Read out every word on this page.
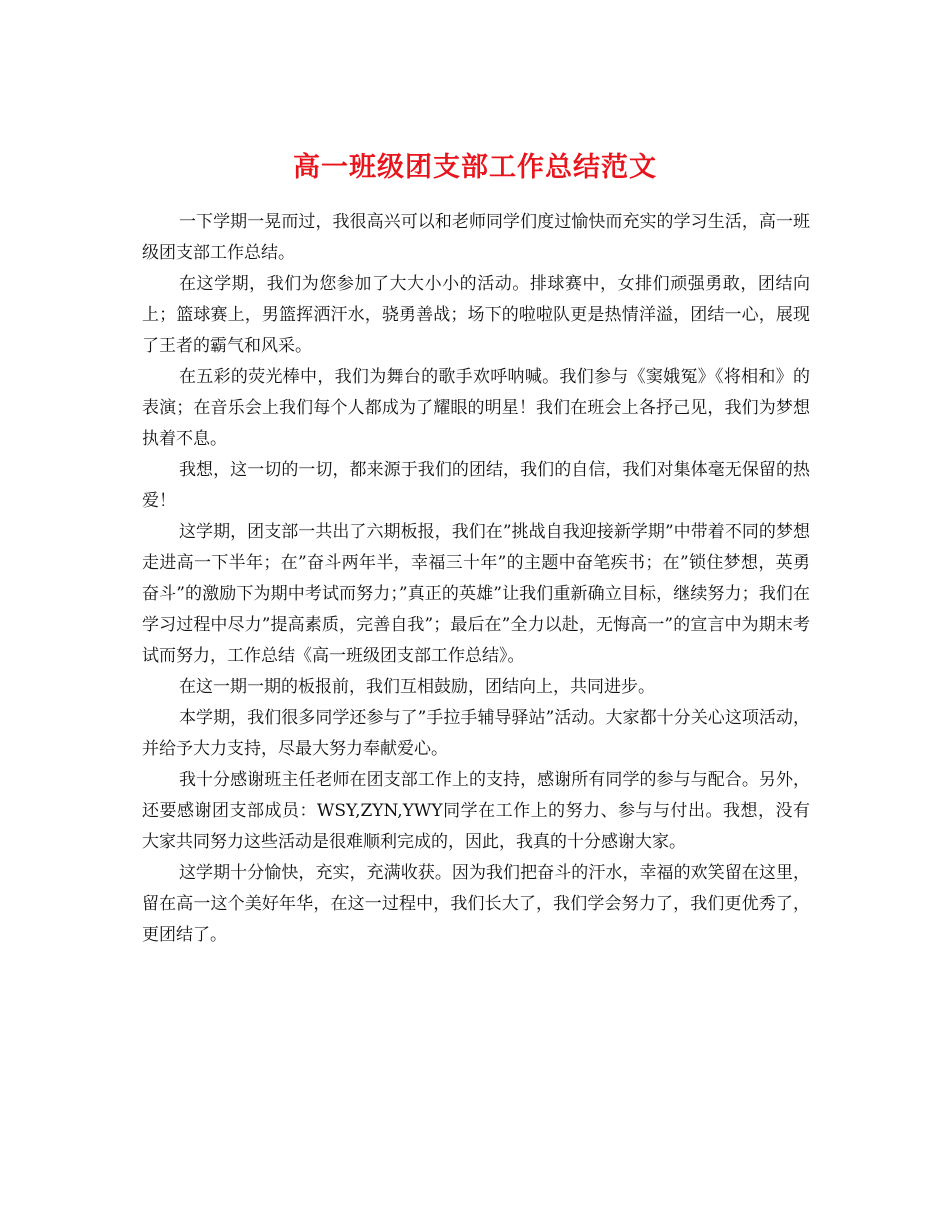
高一班级团支部工作总结范文

一下学期一晃而过，我很高兴可以和老师同学们度过愉快而充实的学习生活，高一班级团支部工作总结。

在这学期，我们为您参加了大大小小的活动。排球赛中，女排们顽强勇敢，团结向上；篮球赛上，男篮挥洒汗水，骁勇善战；场下的啦啦队更是热情洋溢，团结一心，展现了王者的霸气和风采。

在五彩的荧光棒中，我们为舞台的歌手欢呼呐喊。我们参与《窦娥冤》《将相和》的表演；在音乐会上我们每个人都成为了耀眼的明星！我们在班会上各抒己见，我们为梦想执着不息。

我想，这一切的一切，都来源于我们的团结，我们的自信，我们对集体毫无保留的热爱！

这学期，团支部一共出了六期板报，我们在”挑战自我迎接新学期”中带着不同的梦想走进高一下半年；在”奋斗两年半，幸福三十年”的主题中奋笔疾书；在”锁住梦想，英勇奋斗”的激励下为期中考试而努力；”真正的英雄”让我们重新确立目标，继续努力；我们在学习过程中尽力”提高素质，完善自我”；最后在”全力以赴，无悔高一”的宣言中为期末考试而努力，工作总结《高一班级团支部工作总结》。

在这一期一期的板报前，我们互相鼓励，团结向上，共同进步。

本学期，我们很多同学还参与了”手拉手辅导驿站”活动。大家都十分关心这项活动，并给予大力支持，尽最大努力奉献爱心。

我十分感谢班主任老师在团支部工作上的支持，感谢所有同学的参与与配合。另外，还要感谢团支部成员：WSY,ZYN,YWY同学在工作上的努力、参与与付出。我想，没有大家共同努力这些活动是很难顺利完成的，因此，我真的十分感谢大家。

这学期十分愉快，充实，充满收获。因为我们把奋斗的汗水，幸福的欢笑留在这里，留在高一这个美好年华，在这一过程中，我们长大了，我们学会努力了，我们更优秀了，更团结了。
